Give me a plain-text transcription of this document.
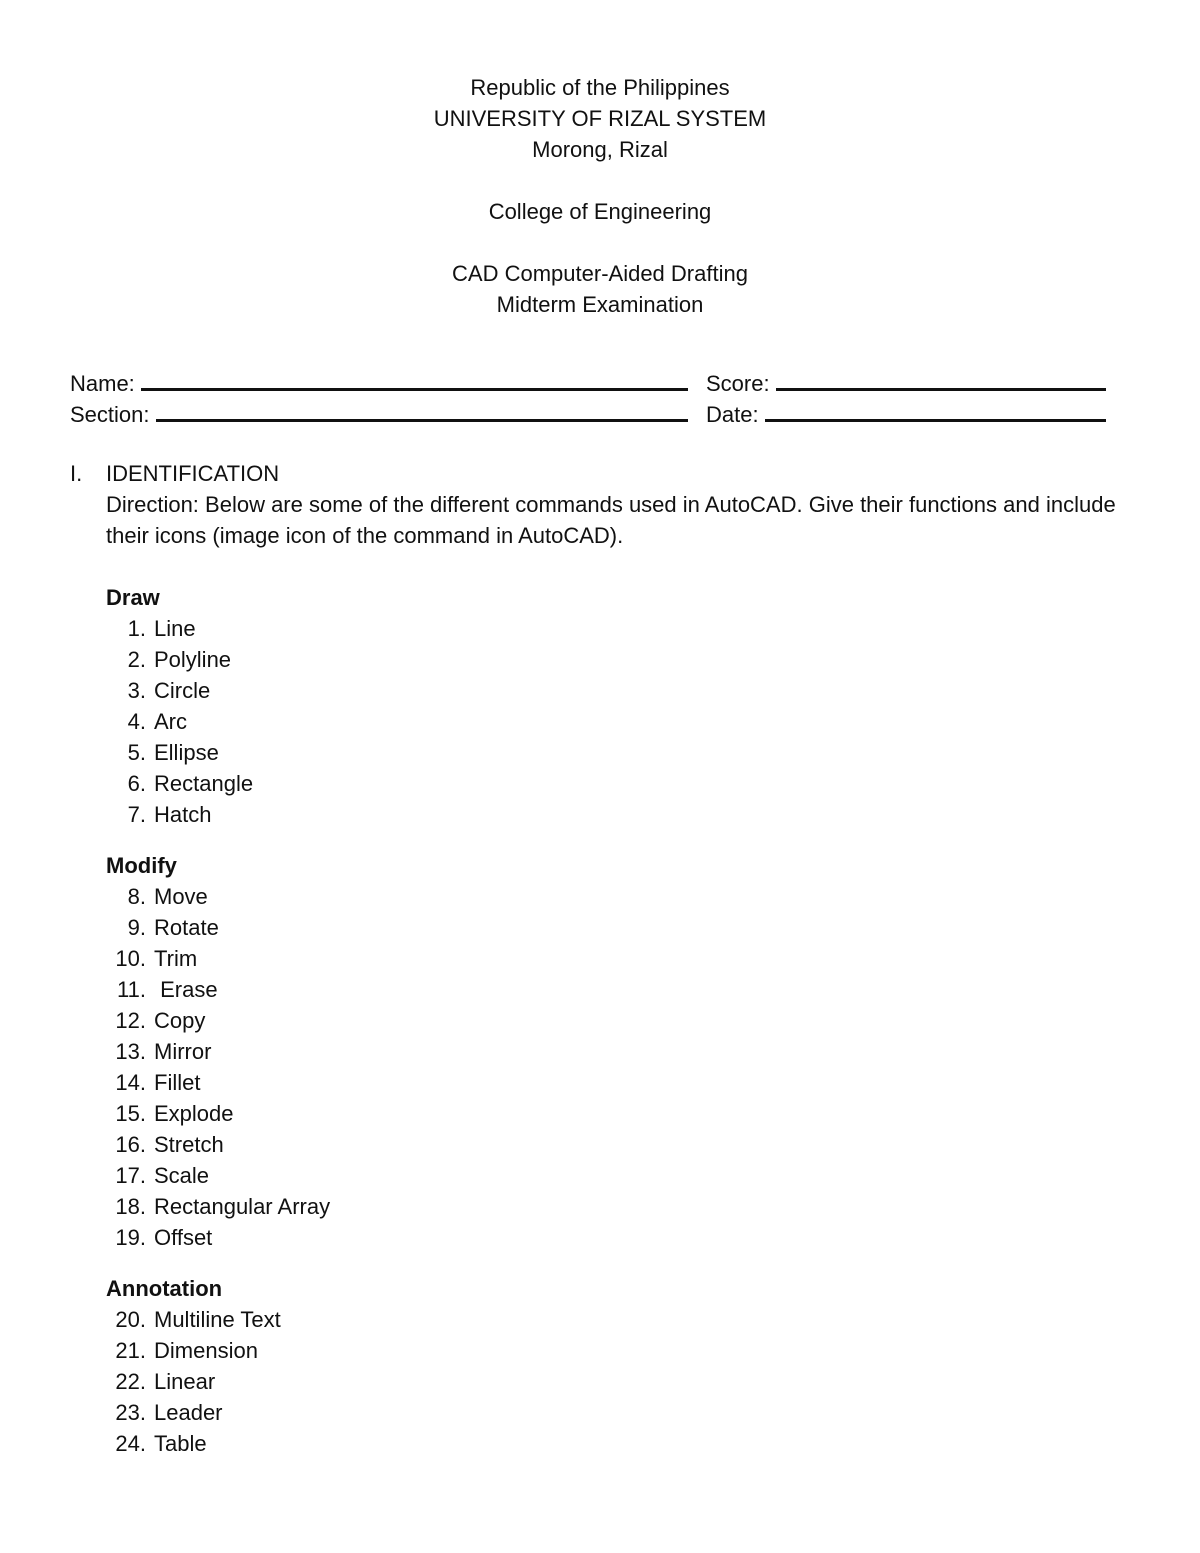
Republic of the Philippines
UNIVERSITY OF RIZAL SYSTEM
Morong, Rizal
College of Engineering
CAD Computer-Aided Drafting
Midterm Examination
Name:	Score:
Section:	Date:
I.	IDENTIFICATION
Direction: Below are some of the different commands used in AutoCAD. Give their functions and include their icons (image icon of the command in AutoCAD).
Draw
1. Line
2. Polyline
3. Circle
4. Arc
5. Ellipse
6. Rectangle
7. Hatch
Modify
8. Move
9. Rotate
10. Trim
11. Erase
12. Copy
13. Mirror
14. Fillet
15. Explode
16. Stretch
17. Scale
18. Rectangular Array
19. Offset
Annotation
20. Multiline Text
21. Dimension
22. Linear
23. Leader
24. Table
